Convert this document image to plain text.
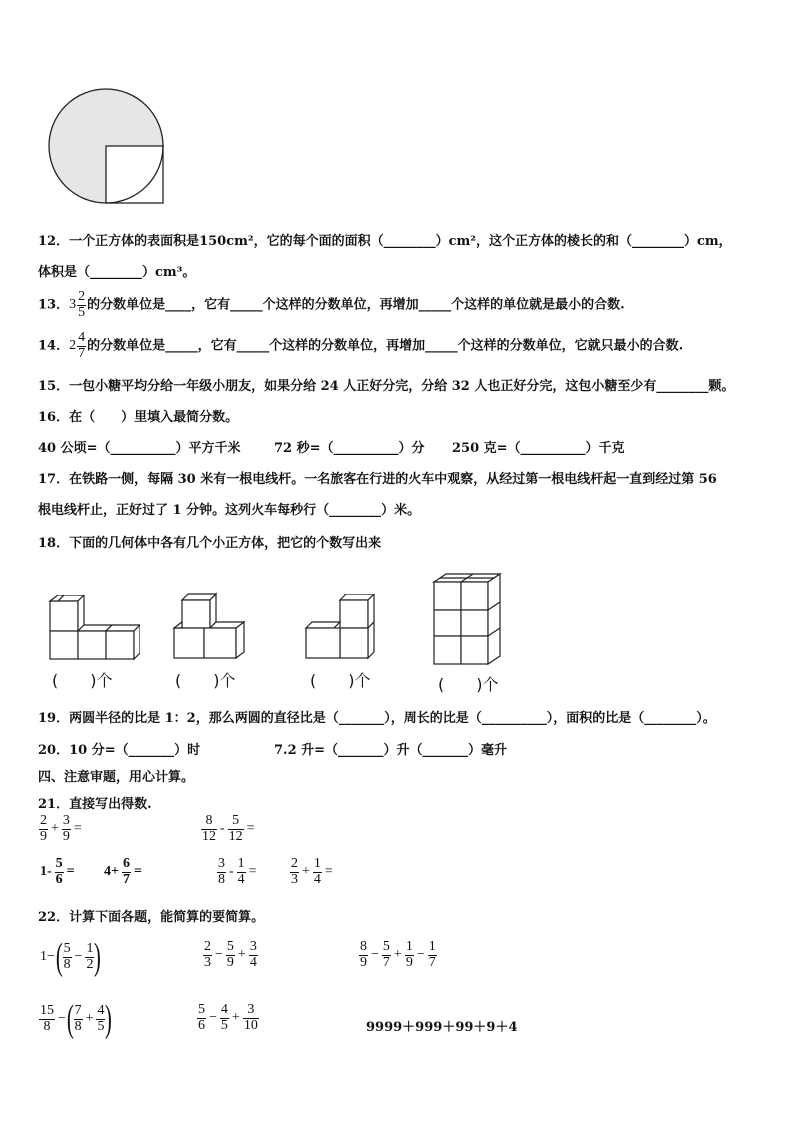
12．一个正方体的表面积是150cm²，它的每个面的面积（________）cm²，这个正方体的棱长的和（________）cm，
体积是（________）cm³。
13．$3 \frac{2}{5}$ 的分数单位是____，它有_____个这样的分数单位，再增加_____个这样的单位就是最小的合数.
14．$2 \frac{4}{7}$ 的分数单位是_____，它有_____个这样的分数单位，再增加_____个这样的分数单位，它就只最小的合数.
15．一包小糖平均分给一年级小朋友，如果分给 24 人正好分完，分给 32 人也正好分完，这包小糖至少有________颗。
16．在（　　）里填入最简分数。
40 公顷=（__________）平方千米	72 秒=（__________）分 250 克=（__________）千克
17．在铁路一侧，每隔 30 米有一根电线杆。一名旅客在行进的火车中观察，从经过第一根电线杆起一直到经过第 56
根电线杆止，正好过了 1 分钟。这列火车每秒行（________）米。
18．下面的几何体中各有几个小正方体，把它的个数写出来
(　　)个	(　　)个	(　　)个	(　　)个
19．两圆半径的比是 1：2，那么两圆的直径比是（_______），周长的比是（__________），面积的比是（________）。
20．10 分=（_______）时	7.2 升=（_______）升（_______）毫升
四、注意审题，用心计算。
21．直接写出得数.
$\frac{2}{9} + \frac{3}{9}$ =	$\frac{8}{12} - \frac{5}{12}$ =
$1- \frac{5}{6} = 4+ \frac{6}{7}$ =	$\frac{3}{8} - \frac{1}{4} = \frac{2}{3} + \frac{1}{4}$ =
22．计算下面各题，能简算的要简算。
$1-( \frac{5}{8} - \frac{1}{2}$ )	$\frac{2}{3} - \frac{5}{9} + \frac{3}{4}$	$\frac{8}{9} - \frac{5}{7} + \frac{1}{9} - \frac{1}{7}$
$\frac{15}{8}$ −( $\frac{7}{8} + \frac{4}{5}$ )	$\frac{5}{6} - \frac{4}{5} + \frac{3}{10}$	9999＋999＋99＋9＋4
